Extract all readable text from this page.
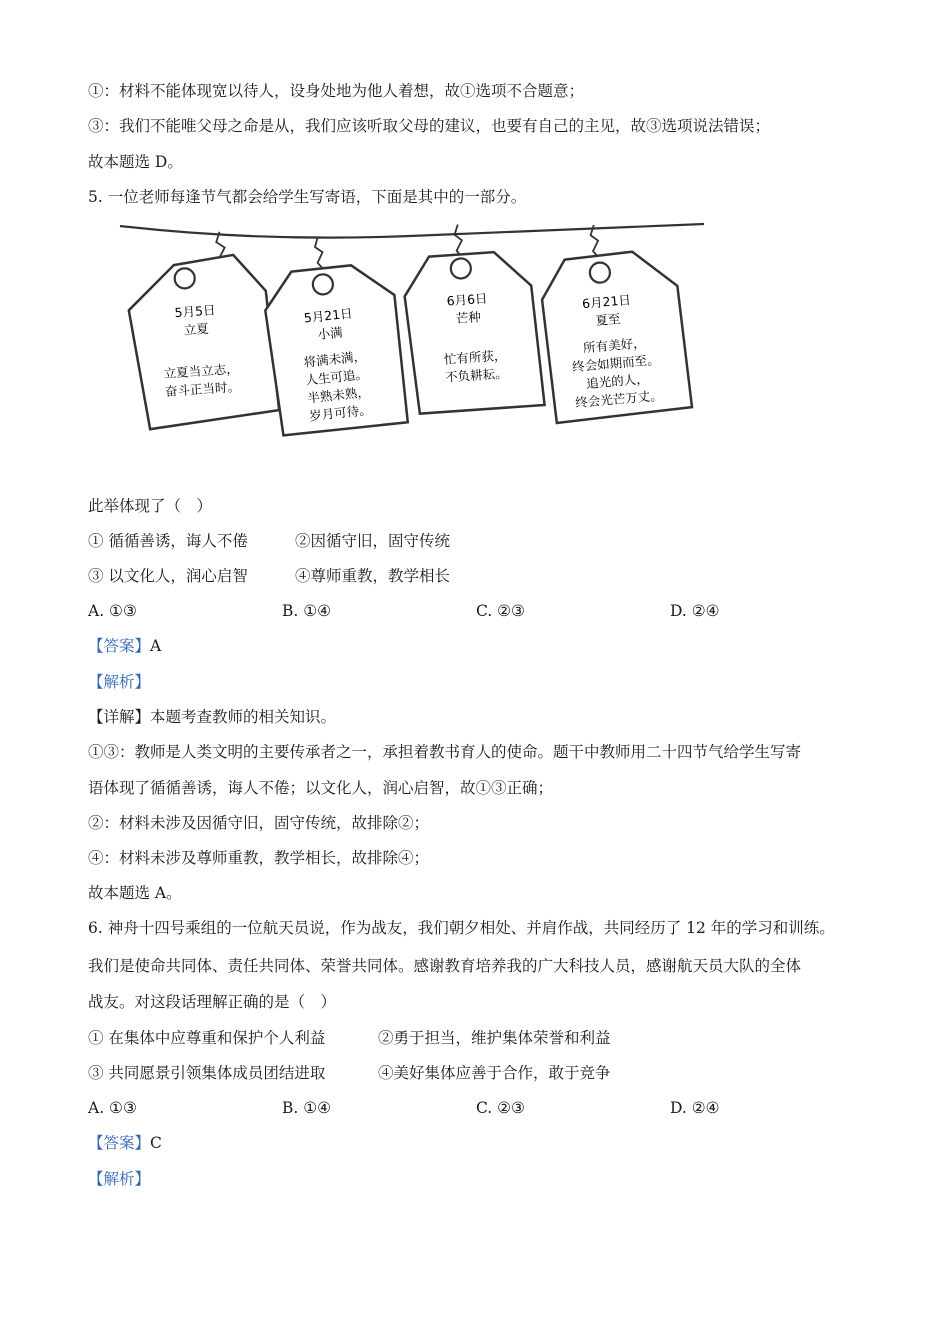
①：材料不能体现宽以待人，设身处地为他人着想，故①选项不合题意；
③：我们不能唯父母之命是从，我们应该听取父母的建议，也要有自己的主见，故③选项说法错误；
故本题选 D。
5. 一位老师每逢节气都会给学生写寄语，下面是其中的一部分。
5月5日
立夏
立夏当立志，
奋斗正当时。
5月21日
小满
将满未满，
人生可追。
半熟未熟，
岁月可待。
6月6日
芒种
忙有所获，
不负耕耘。
6月21日
夏至
所有美好，
终会如期而至。
追光的人，
终会光芒万丈。
此举体现了（　）
① 循循善诱，诲人不倦	②因循守旧，固守传统
③ 以文化人，润心启智	④尊师重教，教学相长
A. ①③	B. ①④	C. ②③	D. ②④
【答案】A
【解析】
【详解】本题考查教师的相关知识。
①③：教师是人类文明的主要传承者之一，承担着教书育人的使命。题干中教师用二十四节气给学生写寄
语体现了循循善诱，诲人不倦；以文化人，润心启智，故①③正确；
②：材料未涉及因循守旧，固守传统，故排除②；
④：材料未涉及尊师重教，教学相长，故排除④；
故本题选 A。
6. 神舟十四号乘组的一位航天员说，作为战友，我们朝夕相处、并肩作战，共同经历了 12 年的学习和训练。
我们是使命共同体、责任共同体、荣誉共同体。感谢教育培养我的广大科技人员，感谢航天员大队的全体
战友。对这段话理解正确的是（　）
① 在集体中应尊重和保护个人利益	②勇于担当，维护集体荣誉和利益
③ 共同愿景引领集体成员团结进取	④美好集体应善于合作，敢于竞争
A. ①③	B. ①④	C. ②③	D. ②④
【答案】C
【解析】
